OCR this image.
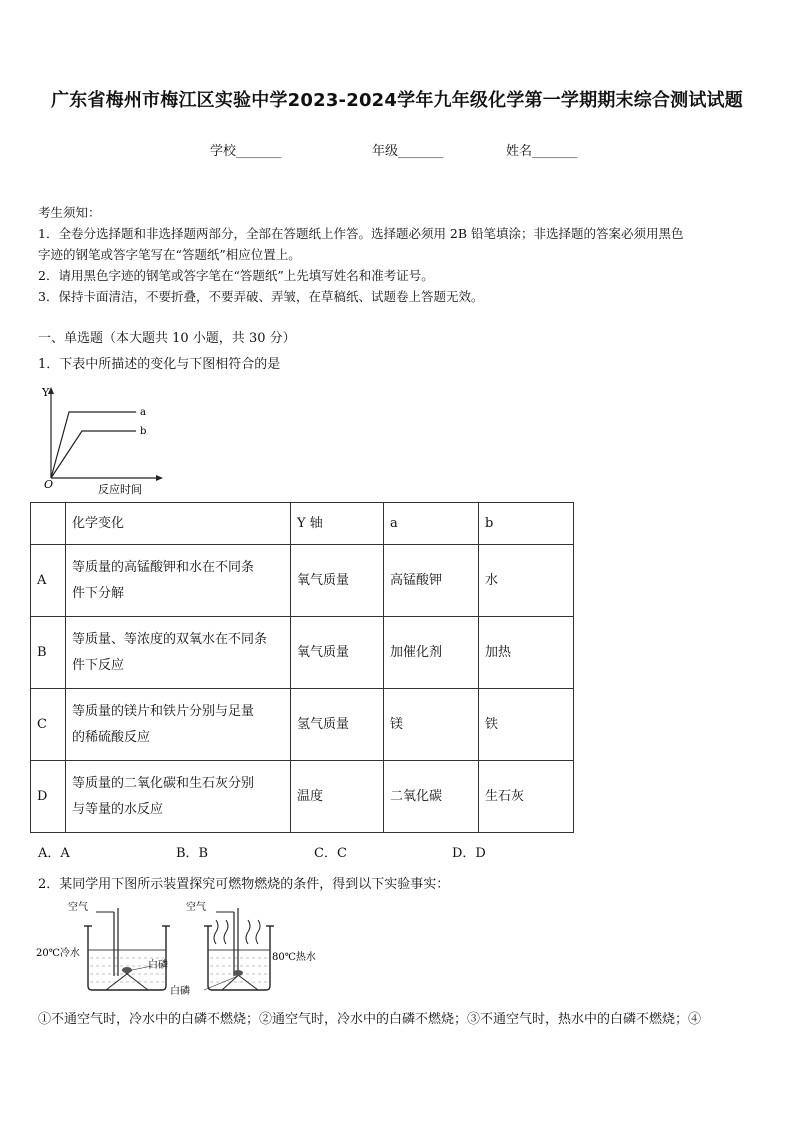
广东省梅州市梅江区实验中学2023-2024学年九年级化学第一学期期末综合测试试题
学校_______	年级_______	姓名_______
考生须知：
1．全卷分选择题和非选择题两部分，全部在答题纸上作答。选择题必须用 2B 铅笔填涂；非选择题的答案必须用黑色
字迹的钢笔或答字笔写在“答题纸”相应位置上。
2．请用黑色字迹的钢笔或答字笔在“答题纸”上先填写姓名和准考证号。
3．保持卡面清洁，不要折叠，不要弄破、弄皱，在草稿纸、试题卷上答题无效。
一、单选题（本大题共 10 小题，共 30 分）
1．下表中所描述的变化与下图相符合的是
Y
O
a
b
反应时间
	化学变化	Y 轴	a	b
A	等质量的高锰酸钾和水在不同条
件下分解	氧气质量	高锰酸钾	水
B	等质量、等浓度的双氧水在不同条
件下反应	氧气质量	加催化剂	加热
C	等质量的镁片和铁片分别与足量
的稀硫酸反应	氢气质量	镁	铁
D	等质量的二氧化碳和生石灰分别
与等量的水反应	温度	二氧化碳	生石灰
A．A	B．B	C．C	D．D
2．某同学用下图所示装置探究可燃物燃烧的条件，得到以下实验事实：
空气
20℃冷水
白磷
空气
80℃热水
白磷
①不通空气时，冷水中的白磷不燃烧；②通空气时，冷水中的白磷不燃烧；③不通空气时，热水中的白磷不燃烧；④
